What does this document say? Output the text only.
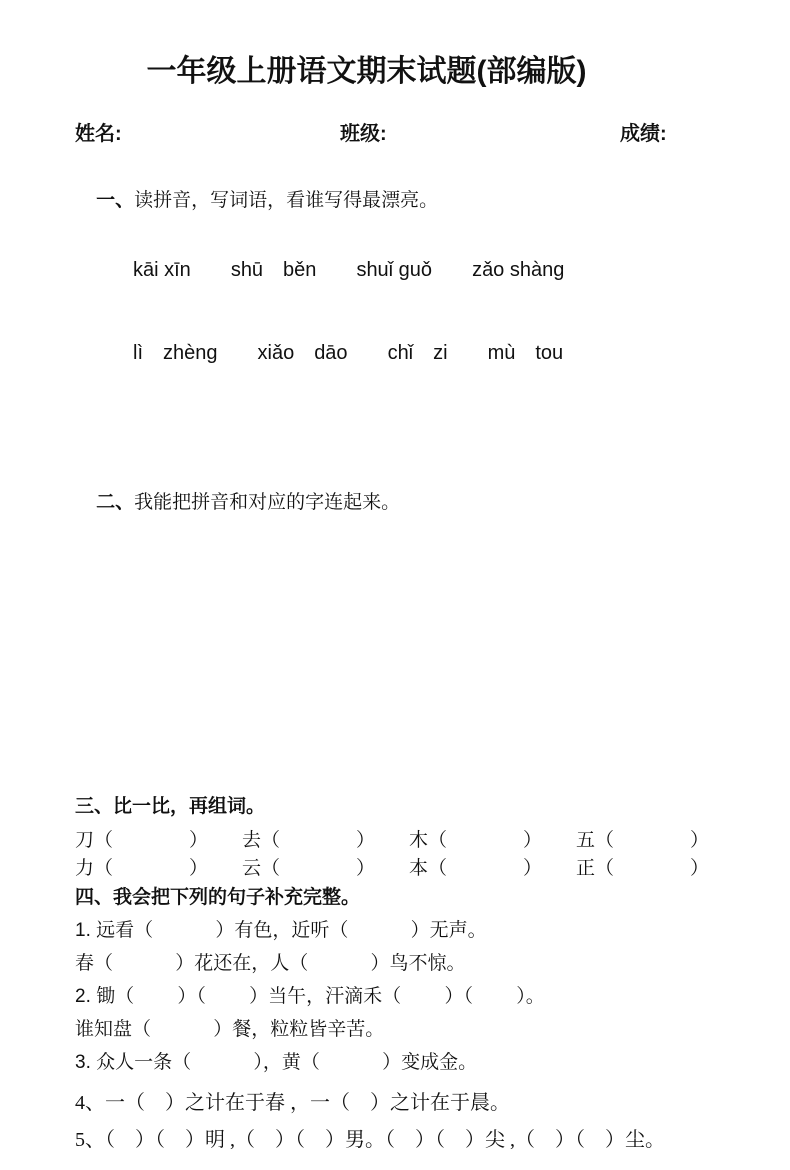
一年级上册语文期末试题(部编版)
姓名:	班级:	成绩:

一、读拼音，写词语，看谁写得最漂亮。

kāi xīn shū　běn shuǐ guǒ zǎo shàng
lì　zhèng xiǎo　dāo chǐ　zi mù　tou

二、我能把拼音和对应的字连起来。

三、比一比，再组词。
刀（　　　　） 去（　　　　） 木（　　　　） 五（　　　　）
力（　　　　） 云（　　　　） 本（　　　　） 正（　　　　）
四、我会把下列的句子补充完整。
1. 远看（　　　 ）有色，近听（　　　 ）无声。
春（　　　 ）花还在，人（　　　 ）鸟不惊。
2. 锄（　　 ）（　　 ）当午，汗滴禾（　　 ）（　　 ）。
谁知盘（　　　 ）餐，粒粒皆辛苦。
3. 众人一条（　　　 ），黄（　　　 ）变成金。
4、一（　）之计在于春 ，一（　）之计在于晨。
5、（　）（　）明 ,（　）（　）男。（　）（　）尖 ,（　）（　）尘。
